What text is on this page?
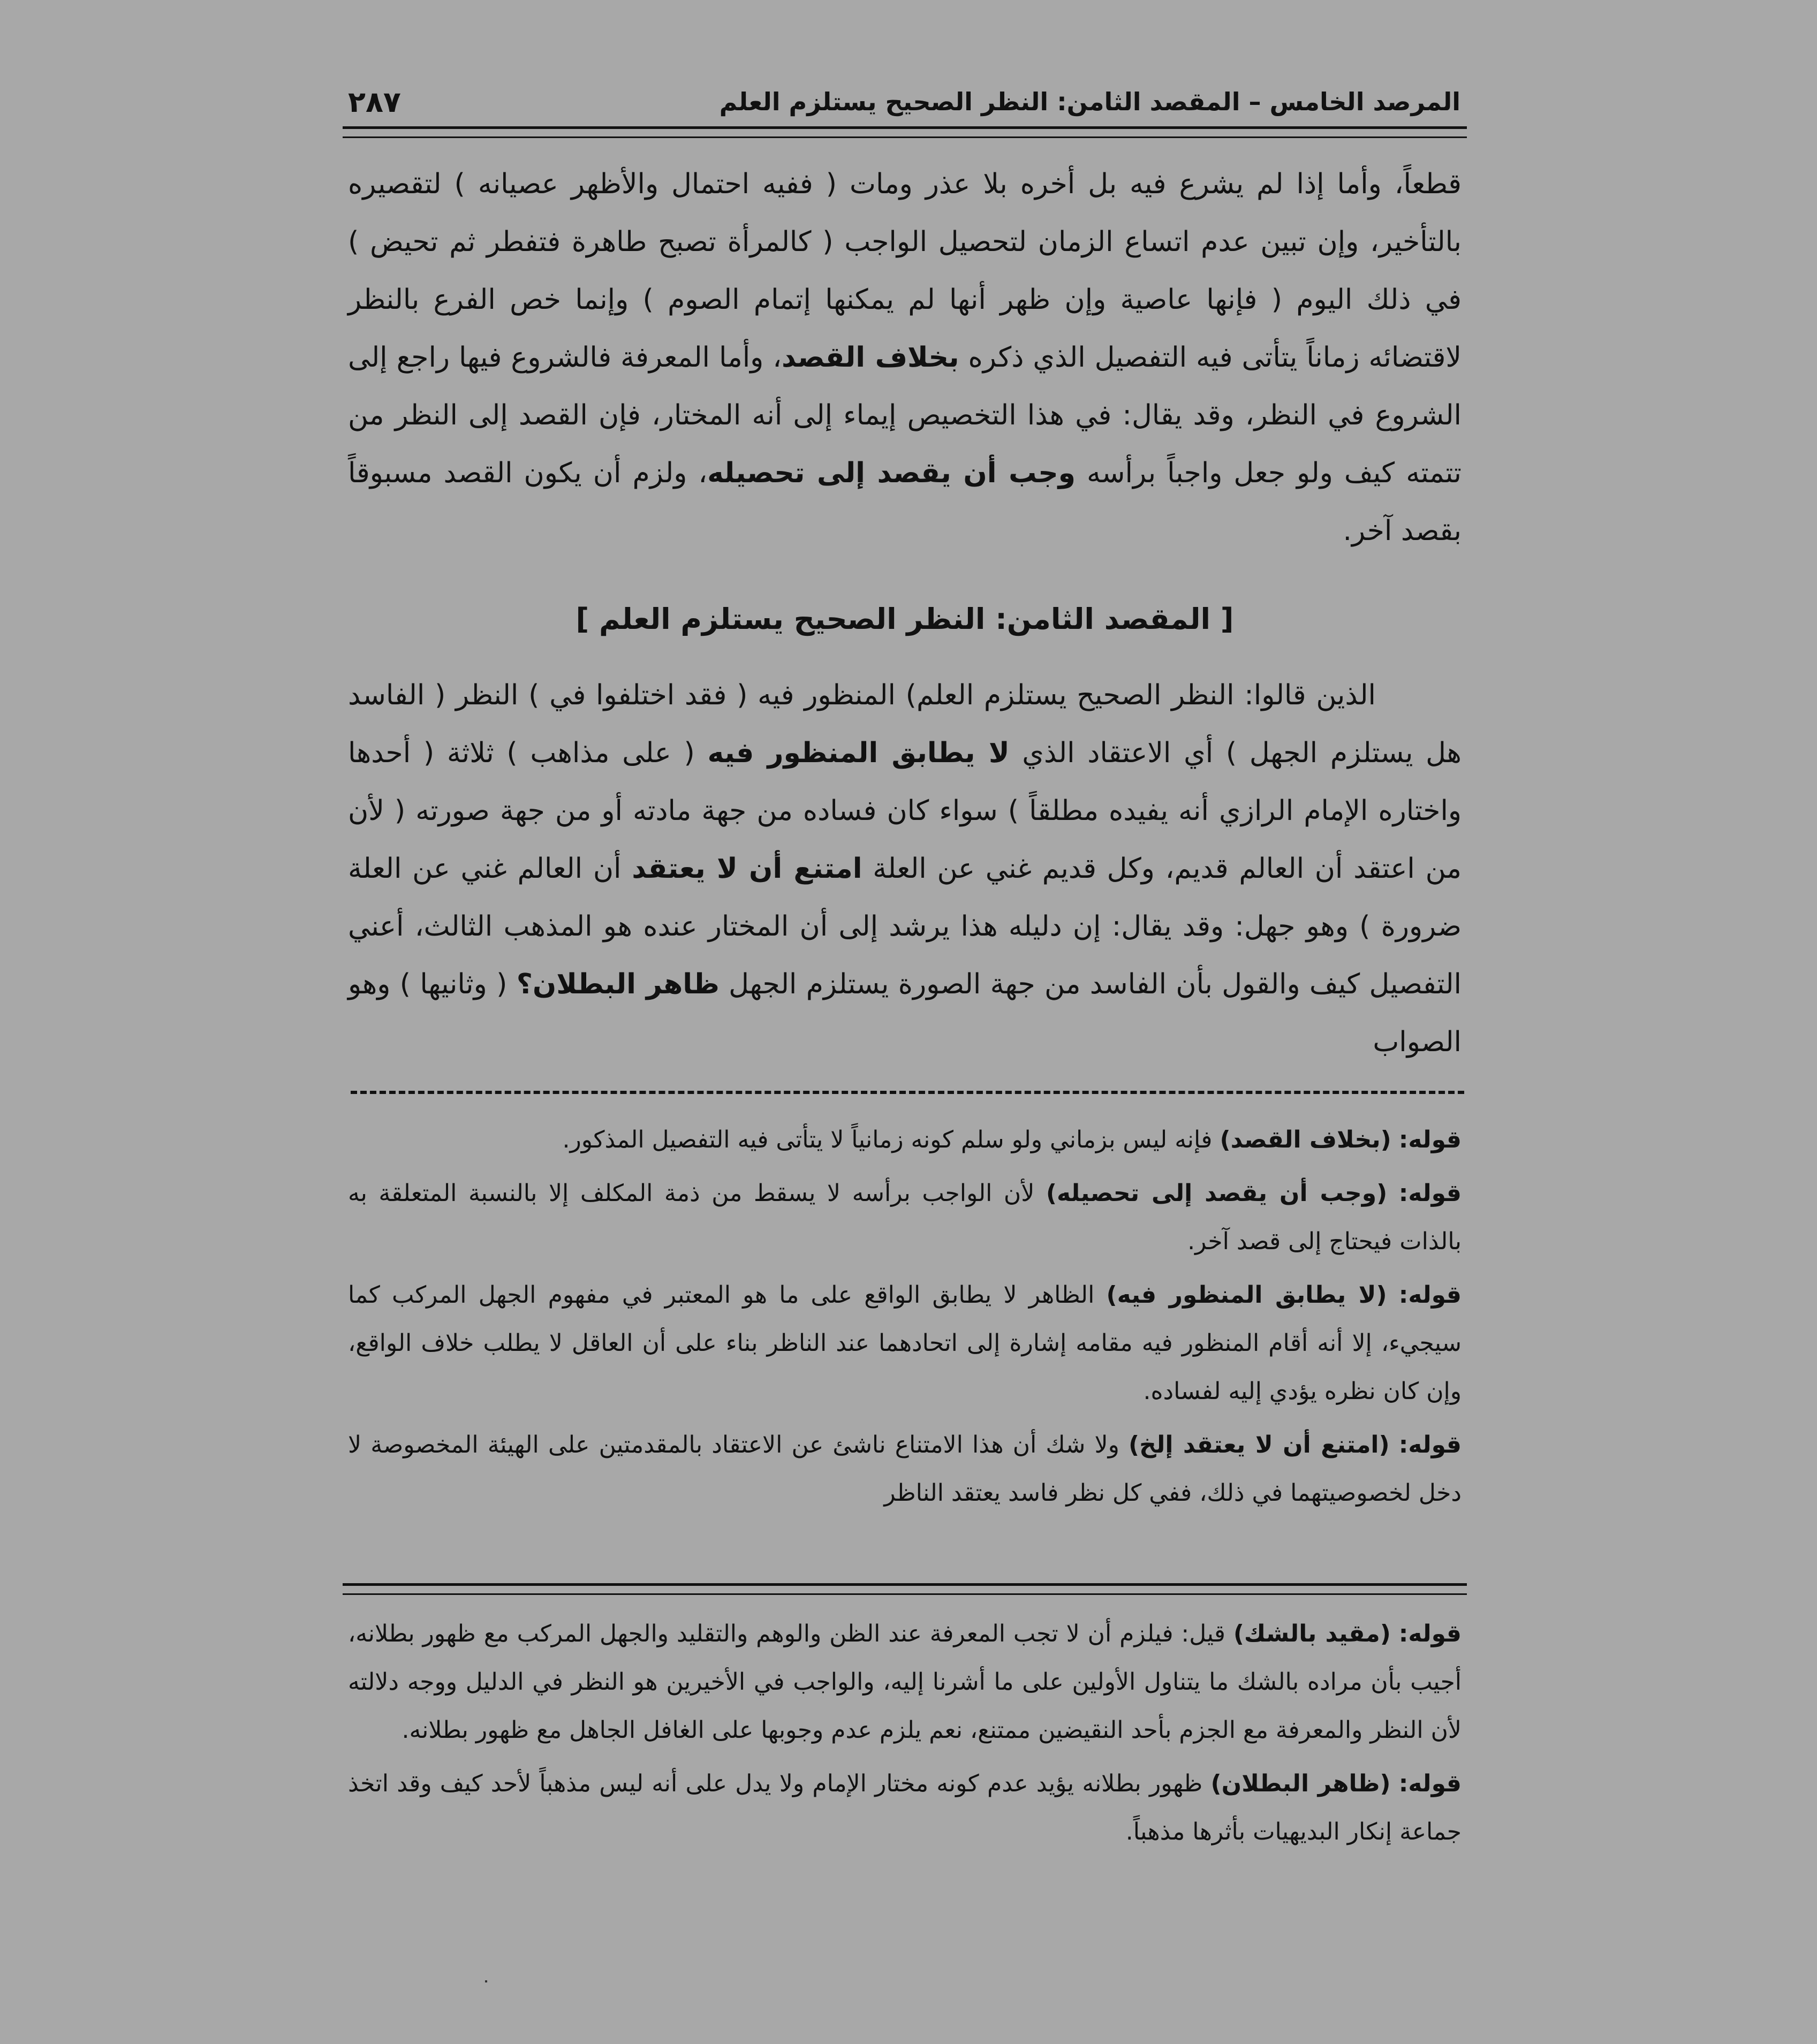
المرصد الخامس – المقصد الثامن: النظر الصحيح يستلزم العلم
٢٨٧

قطعاً، وأما إذا لم يشرع فيه بل أخره بلا عذر ومات ( ففيه احتمال والأظهر عصيانه ) لتقصيره بالتأخير، وإن تبين عدم اتساع الزمان لتحصيل الواجب ( كالمرأة تصبح طاهرة فتفطر ثم تحيض ) في ذلك اليوم ( فإنها عاصية وإن ظهر أنها لم يمكنها إتمام الصوم ) وإنما خص الفرع بالنظر لاقتضائه زماناً يتأتى فيه التفصيل الذي ذكره بخلاف القصد، وأما المعرفة فالشروع فيها راجع إلى الشروع في النظر، وقد يقال: في هذا التخصيص إيماء إلى أنه المختار، فإن القصد إلى النظر من تتمته كيف ولو جعل واجباً برأسه وجب أن يقصد إلى تحصيله، ولزم أن يكون القصد مسبوقاً بقصد آخر.

[ المقصد الثامن: النظر الصحيح يستلزم العلم ]

الذين قالوا: النظر الصحيح يستلزم العلم) المنظور فيه ( فقد اختلفوا في ) النظر ( الفاسد هل يستلزم الجهل ) أي الاعتقاد الذي لا يطابق المنظور فيه ( على مذاهب ) ثلاثة ( أحدها واختاره الإمام الرازي أنه يفيده مطلقاً ) سواء كان فساده من جهة مادته أو من جهة صورته ( لأن من اعتقد أن العالم قديم، وكل قديم غني عن العلة امتنع أن لا يعتقد أن العالم غني عن العلة ضرورة ) وهو جهل: وقد يقال: إن دليله هذا يرشد إلى أن المختار عنده هو المذهب الثالث، أعني التفصيل كيف والقول بأن الفاسد من جهة الصورة يستلزم الجهل ظاهر البطلان؟ ( وثانيها ) وهو الصواب

قوله: (بخلاف القصد) فإنه ليس بزماني ولو سلم كونه زمانياً لا يتأتى فيه التفصيل المذكور.

قوله: (وجب أن يقصد إلى تحصيله) لأن الواجب برأسه لا يسقط من ذمة المكلف إلا بالنسبة المتعلقة به بالذات فيحتاج إلى قصد آخر.

قوله: (لا يطابق المنظور فيه) الظاهر لا يطابق الواقع على ما هو المعتبر في مفهوم الجهل المركب كما سيجيء، إلا أنه أقام المنظور فيه مقامه إشارة إلى اتحادهما عند الناظر بناء على أن العاقل لا يطلب خلاف الواقع، وإن كان نظره يؤدي إليه لفساده.

قوله: (امتنع أن لا يعتقد إلخ) ولا شك أن هذا الامتناع ناشئ عن الاعتقاد بالمقدمتين على الهيئة المخصوصة لا دخل لخصوصيتهما في ذلك، ففي كل نظر فاسد يعتقد الناظر

قوله: (مقيد بالشك) قيل: فيلزم أن لا تجب المعرفة عند الظن والوهم والتقليد والجهل المركب مع ظهور بطلانه، أجيب بأن مراده بالشك ما يتناول الأولين على ما أشرنا إليه، والواجب في الأخيرين هو النظر في الدليل ووجه دلالته لأن النظر والمعرفة مع الجزم بأحد النقيضين ممتنع، نعم يلزم عدم وجوبها على الغافل الجاهل مع ظهور بطلانه.

قوله: (ظاهر البطلان) ظهور بطلانه يؤيد عدم كونه مختار الإمام ولا يدل على أنه ليس مذهباً لأحد كيف وقد اتخذ جماعة إنكار البديهيات بأثرها مذهباً.
